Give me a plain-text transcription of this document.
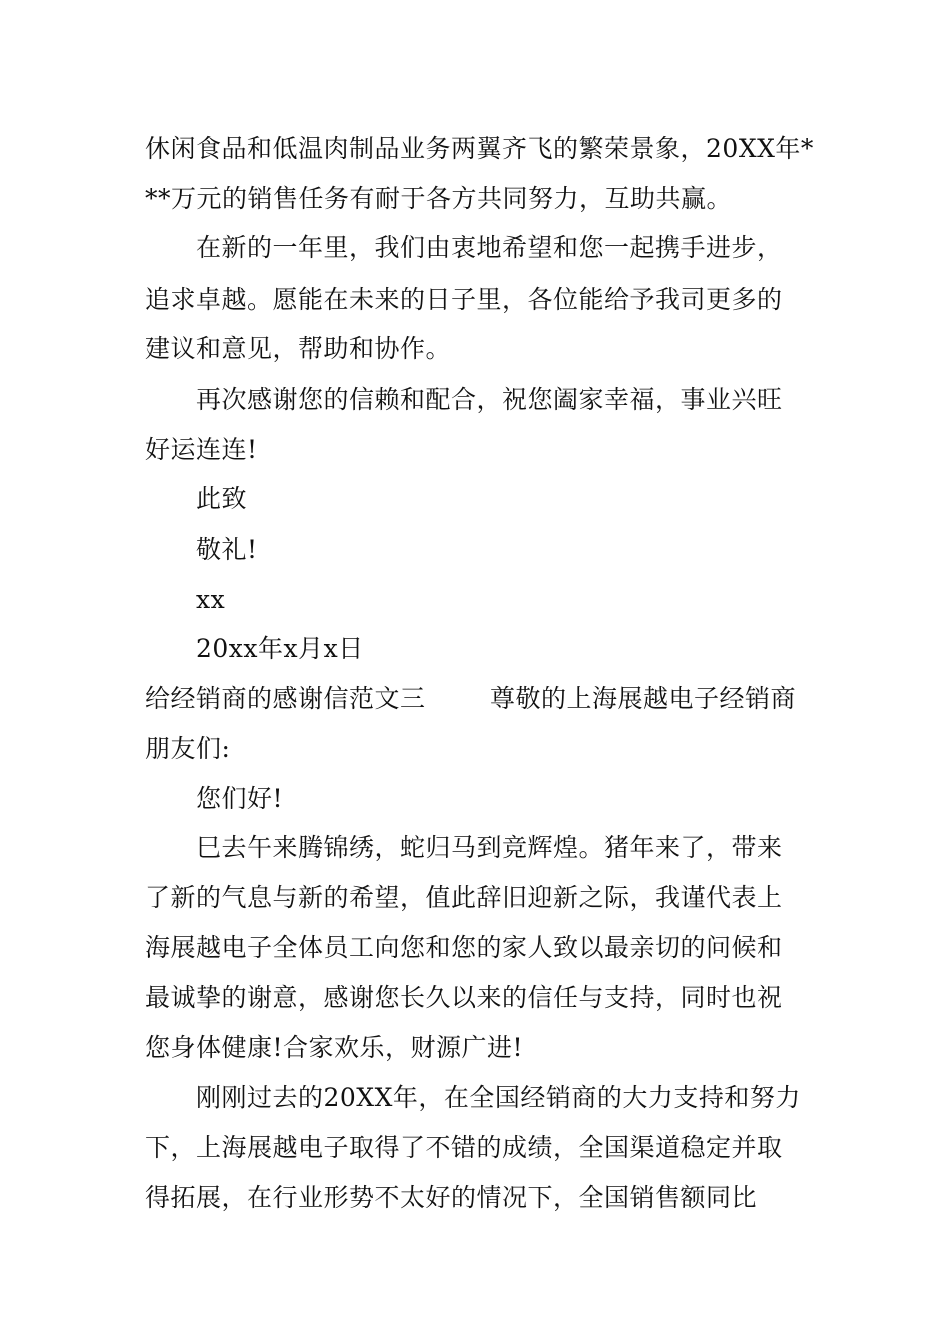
休闲食品和低温肉制品业务两翼齐飞的繁荣景象，20XX年*
**万元的销售任务有耐于各方共同努力，互助共赢。
在新的一年里，我们由衷地希望和您一起携手进步，
追求卓越。愿能在未来的日子里，各位能给予我司更多的
建议和意见，帮助和协作。
再次感谢您的信赖和配合，祝您阖家幸福，事业兴旺
好运连连!
此致
敬礼!
xx
20xx年x月x日
给经销商的感谢信范文三	尊敬的上海展越电子经销商
朋友们:
您们好!
巳去午来腾锦绣，蛇归马到竞辉煌。猪年来了，带来
了新的气息与新的希望，值此辞旧迎新之际，我谨代表上
海展越电子全体员工向您和您的家人致以最亲切的问候和
最诚挚的谢意，感谢您长久以来的信任与支持，同时也祝
您身体健康!合家欢乐，财源广进!
刚刚过去的20XX年，在全国经销商的大力支持和努力
下，上海展越电子取得了不错的成绩，全国渠道稳定并取
得拓展，在行业形势不太好的情况下，全国销售额同比
